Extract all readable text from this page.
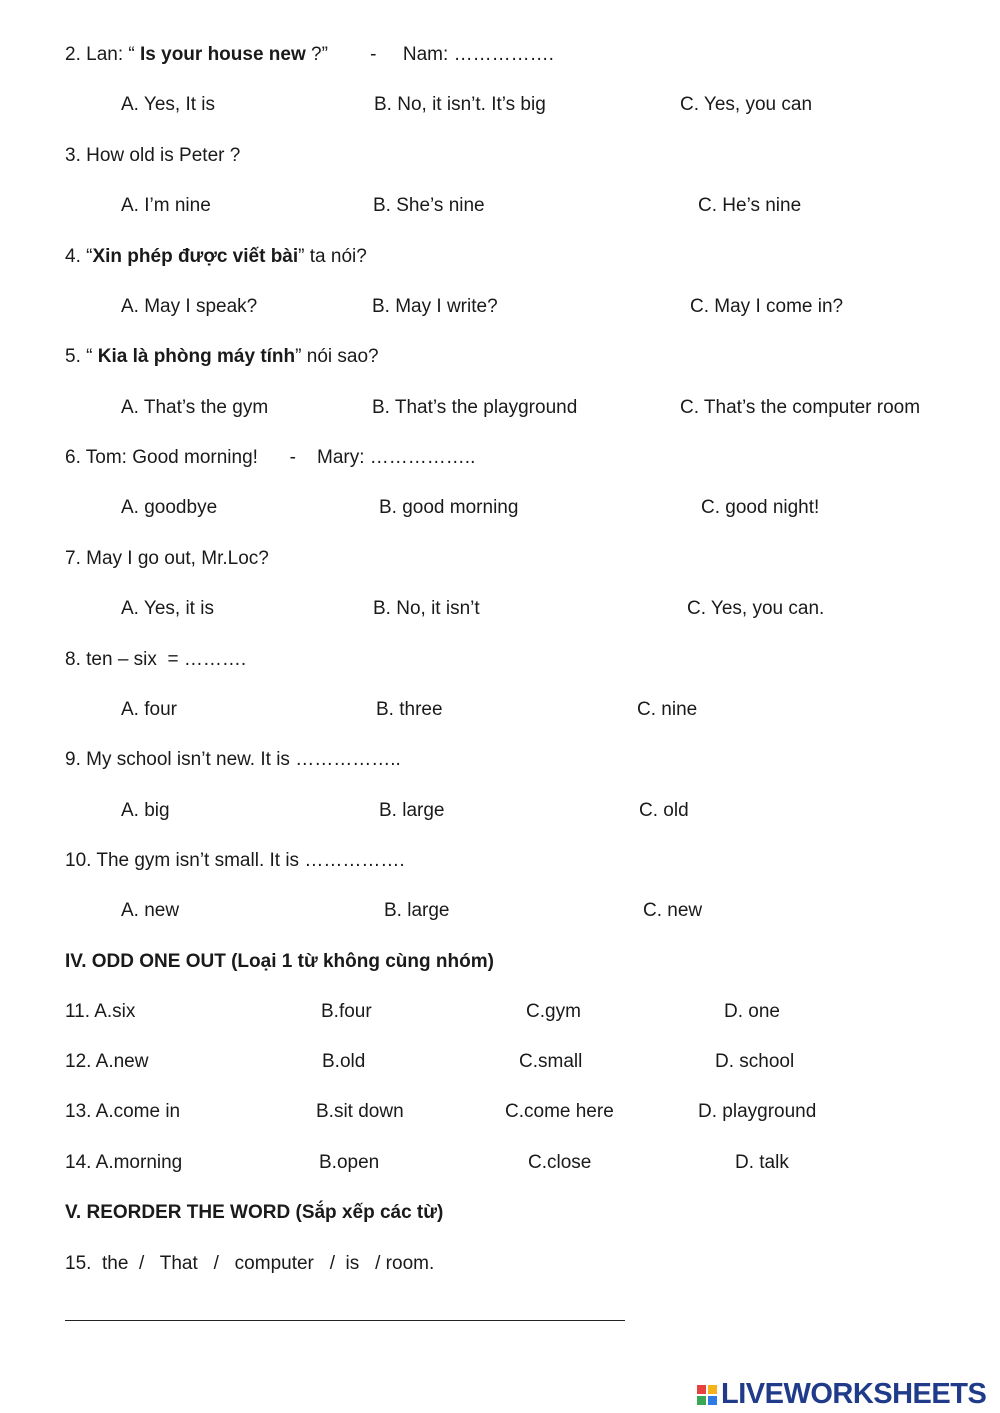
2. Lan: “ Is your house new ?”        -     Nam: …………….
A. Yes, It is	B. No, it isn’t. It’s big	C. Yes, you can
3. How old is Peter ?
A. I’m nine	B. She’s nine	C. He’s nine
4. “Xin phép được viết bài” ta nói?
A. May I speak?	B. May I write?	C. May I come in?
5. “ Kia là phòng máy tính” nói sao?
A. That’s the gym	B. That’s the playground	C. That’s the computer room
6. Tom: Good morning!      -    Mary: ……………..
A. goodbye	B. good morning	C. good night!
7. May I go out, Mr.Loc?
A. Yes, it is	B. No, it isn’t	C. Yes, you can.
8. ten – six  = ……….
A. four	B. three	C. nine
9. My school isn’t new. It is ……………..
A. big	B. large	C. old
10. The gym isn’t small. It is …………….
A. new	B. large	C. new
IV. ODD ONE OUT (Loại 1 từ không cùng nhóm)
11. A.six	B.four	C.gym	D. one
12. A.new	B.old	C.small	D. school
13. A.come in	B.sit down	C.come here	D. playground
14. A.morning	B.open	C.close	D. talk
V. REORDER THE WORD (Sắp xếp các từ)
15.  the  /   That   /   computer   /  is   / room.
LIVEWORKSHEETS
